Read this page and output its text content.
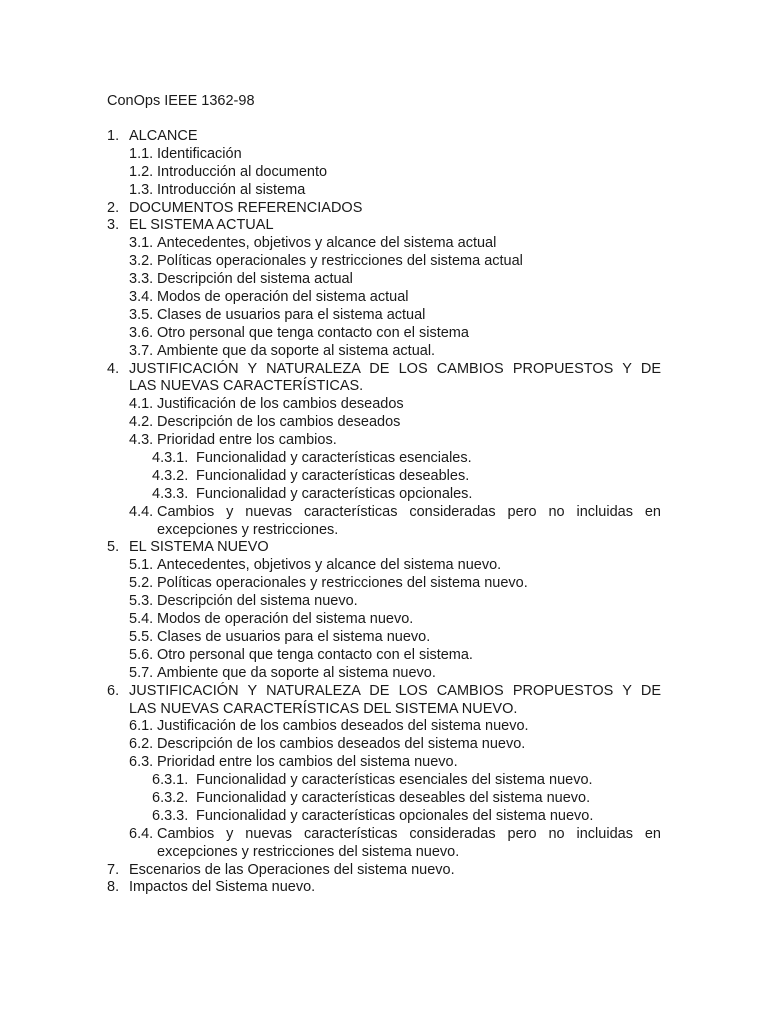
ConOps IEEE 1362-98
1. ALCANCE
1.1. Identificación
1.2. Introducción al documento
1.3. Introducción al sistema
2. DOCUMENTOS REFERENCIADOS
3. EL SISTEMA ACTUAL
3.1. Antecedentes, objetivos y alcance del sistema actual
3.2. Políticas operacionales y restricciones del sistema actual
3.3. Descripción del sistema actual
3.4. Modos de operación del sistema actual
3.5. Clases de usuarios para el sistema actual
3.6. Otro personal que tenga contacto con el sistema
3.7. Ambiente que da soporte al sistema actual.
4. JUSTIFICACIÓN Y NATURALEZA DE LOS CAMBIOS PROPUESTOS Y DE
LAS NUEVAS CARACTERÍSTICAS.
4.1. Justificación de los cambios deseados
4.2. Descripción de los cambios deseados
4.3. Prioridad entre los cambios.
4.3.1. Funcionalidad y características esenciales.
4.3.2. Funcionalidad y características deseables.
4.3.3. Funcionalidad y características opcionales.
4.4. Cambios y nuevas características consideradas pero no incluidas en
excepciones y restricciones.
5. EL SISTEMA NUEVO
5.1. Antecedentes, objetivos y alcance del sistema nuevo.
5.2. Políticas operacionales y restricciones del sistema nuevo.
5.3. Descripción del sistema nuevo.
5.4. Modos de operación del sistema nuevo.
5.5. Clases de usuarios para el sistema nuevo.
5.6. Otro personal que tenga contacto con el sistema.
5.7. Ambiente que da soporte al sistema nuevo.
6. JUSTIFICACIÓN Y NATURALEZA DE LOS CAMBIOS PROPUESTOS Y DE
LAS NUEVAS CARACTERÍSTICAS DEL SISTEMA NUEVO.
6.1. Justificación de los cambios deseados del sistema nuevo.
6.2. Descripción de los cambios deseados del sistema nuevo.
6.3. Prioridad entre los cambios del sistema nuevo.
6.3.1. Funcionalidad y características esenciales del sistema nuevo.
6.3.2. Funcionalidad y características deseables del sistema nuevo.
6.3.3. Funcionalidad y características opcionales del sistema nuevo.
6.4. Cambios y nuevas características consideradas pero no incluidas en
excepciones y restricciones del sistema nuevo.
7. Escenarios de las Operaciones del sistema nuevo.
8. Impactos del Sistema nuevo.
